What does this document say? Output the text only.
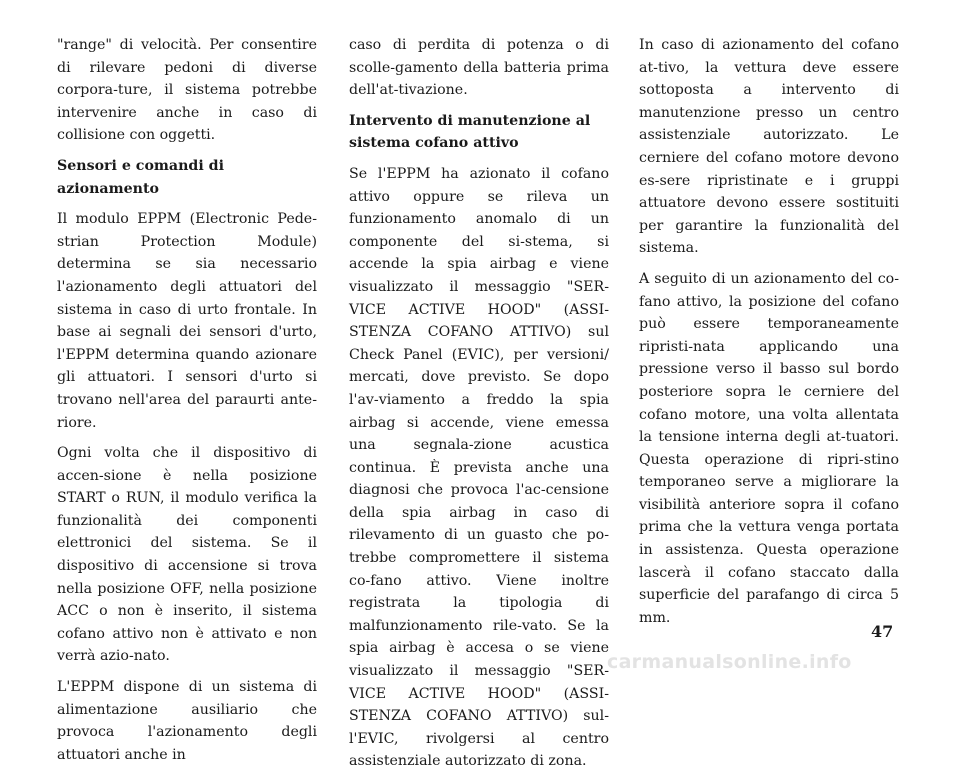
"range" di velocità. Per consentire di rilevare pedoni di diverse corpora-ture, il sistema potrebbe intervenire anche in caso di collisione con oggetti.

Sensori e comandi di azionamento

Il modulo EPPM (Electronic Pede-strian Protection Module) determina se sia necessario l'azionamento degli attuatori del sistema in caso di urto frontale. In base ai segnali dei sensori d'urto, l'EPPM determina quando azionare gli attuatori. I sensori d'urto si trovano nell'area del paraurti ante-riore.

Ogni volta che il dispositivo di accen-sione è nella posizione START o RUN, il modulo verifica la funzionalità dei componenti elettronici del sistema. Se il dispositivo di accensione si trova nella posizione OFF, nella posizione ACC o non è inserito, il sistema cofano attivo non è attivato e non verrà azio-nato.

L'EPPM dispone di un sistema di alimentazione ausiliario che provoca l'azionamento degli attuatori anche in

caso di perdita di potenza o di scolle-gamento della batteria prima dell'at-tivazione.

Intervento di manutenzione al sistema cofano attivo

Se l'EPPM ha azionato il cofano attivo oppure se rileva un funzionamento anomalo di un componente del si-stema, si accende la spia airbag e viene visualizzato il messaggio "SER-VICE ACTIVE HOOD" (ASSI-STENZA COFANO ATTIVO) sul Check Panel (EVIC), per versioni/ mercati, dove previsto. Se dopo l'av-viamento a freddo la spia airbag si accende, viene emessa una segnala-zione acustica continua. È prevista anche una diagnosi che provoca l'ac-censione della spia airbag in caso di rilevamento di un guasto che po-trebbe compromettere il sistema co-fano attivo. Viene inoltre registrata la tipologia di malfunzionamento rile-vato. Se la spia airbag è accesa o se viene visualizzato il messaggio "SER-VICE ACTIVE HOOD" (ASSI-STENZA COFANO ATTIVO) sul-l'EVIC, rivolgersi al centro assistenziale autorizzato di zona.

In caso di azionamento del cofano at-tivo, la vettura deve essere sottoposta a intervento di manutenzione presso un centro assistenziale autorizzato. Le cerniere del cofano motore devono es-sere ripristinate e i gruppi attuatore devono essere sostituiti per garantire la funzionalità del sistema.

A seguito di un azionamento del co-fano attivo, la posizione del cofano può essere temporaneamente ripristi-nata applicando una pressione verso il basso sul bordo posteriore sopra le cerniere del cofano motore, una volta allentata la tensione interna degli at-tuatori. Questa operazione di ripri-stino temporaneo serve a migliorare la visibilità anteriore sopra il cofano prima che la vettura venga portata in assistenza. Questa operazione lascerà il cofano staccato dalla superficie del parafango di circa 5 mm.

47
carmanualsonline.info
